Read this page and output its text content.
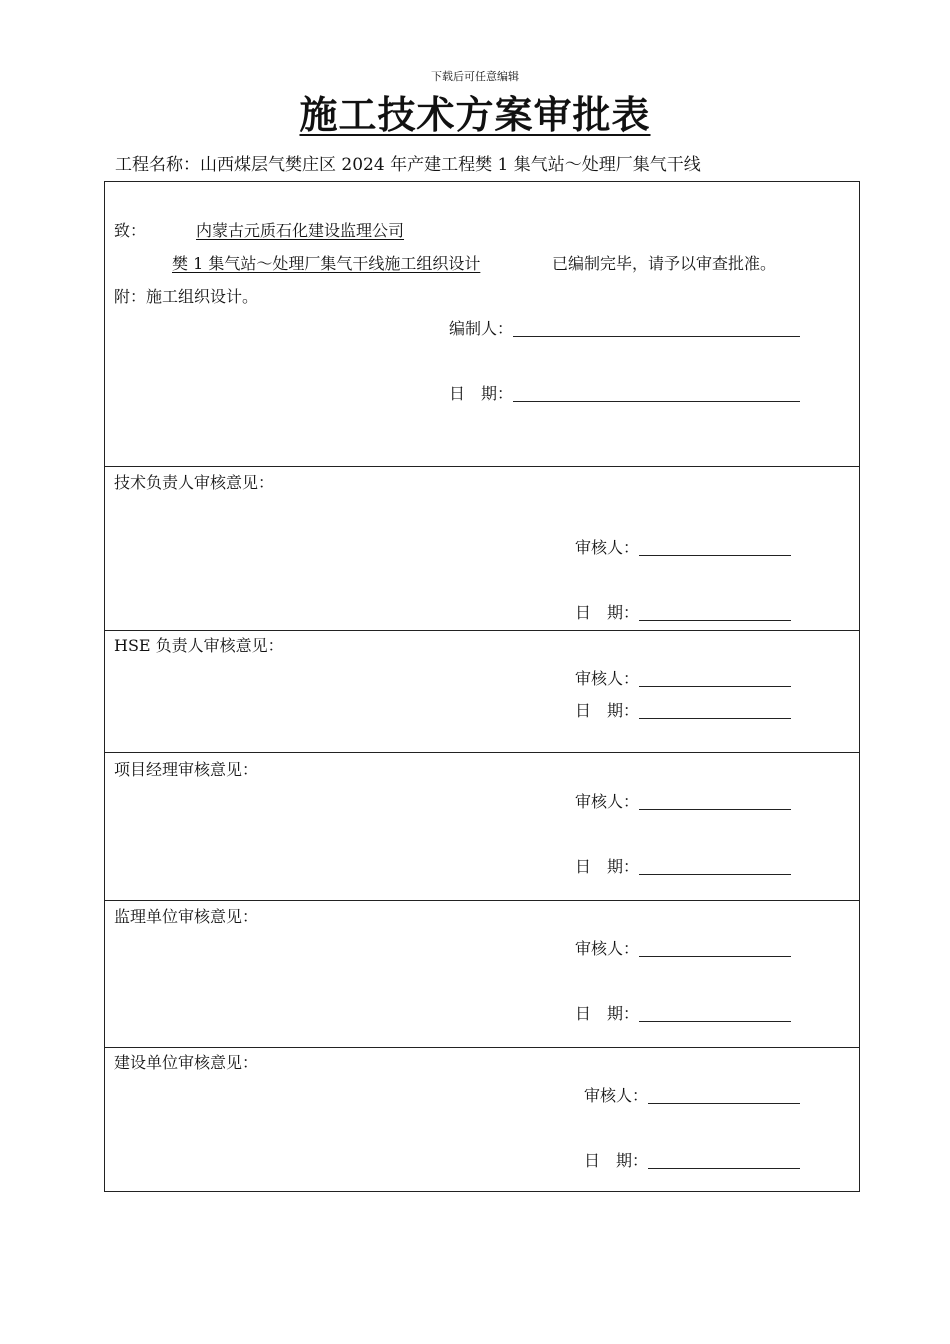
下载后可任意编辑
施工技术方案审批表
工程名称：山西煤层气樊庄区 2024 年产建工程樊 1 集气站～处理厂集气干线
致：	内蒙古元质石化建设监理公司
樊 1 集气站～处理厂集气干线施工组织设计	已编制完毕，请予以审查批准。
附：施工组织设计。
编制人：
日　期：
技术负责人审核意见：
审核人：
日　期：
HSE 负责人审核意见：
审核人：
日　期：
项目经理审核意见：
审核人：
日　期：
监理单位审核意见：
审核人：
日　期：
建设单位审核意见：
审核人：
日　期：
